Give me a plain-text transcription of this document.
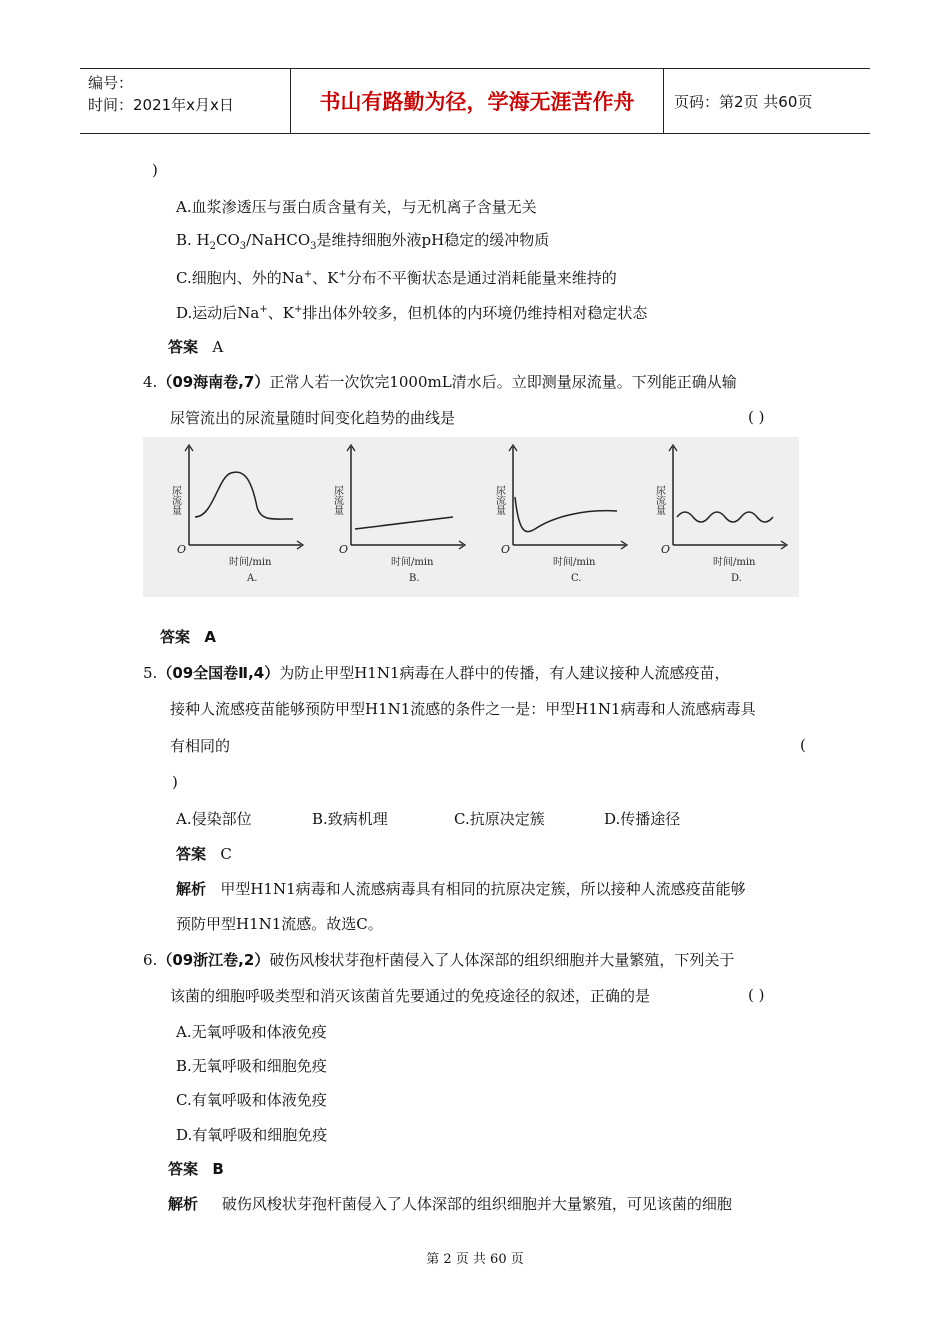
编号：
时间：2021年x月x日	书山有路勤为径，学海无涯苦作舟	页码：第2页 共60页
)
A.血浆渗透压与蛋白质含量有关，与无机离子含量无关
B. $H_2CO_3/NaHCO_3$是维持细胞外液pH稳定的缓冲物质
C.细胞内、外的Na+、K+分布不平衡状态是通过消耗能量来维持的
D.运动后Na+、K+排出体外较多，但机体的内环境仍维持相对稳定状态
答案 A
4.（09海南卷,7）正常人若一次饮完1000mL清水后。立即测量尿流量。下列能正确从输
尿管流出的尿流量随时间变化趋势的曲线是	( )
O
尿流量
时间/min
A.
O
尿流量
时间/min
B.
O
尿流量
时间/min
C.
O
尿流量
时间/min
D.
答案 A
5.（09全国卷Ⅱ,4）为防止甲型H1N1病毒在人群中的传播，有人建议接种人流感疫苗，
接种人流感疫苗能够预防甲型H1N1流感的条件之一是：甲型H1N1病毒和人流感病毒具
有相同的	(
)
A.侵染部位	B.致病机理	C.抗原决定簇	D.传播途径
答案 C
解析 甲型H1N1病毒和人流感病毒具有相同的抗原决定簇，所以接种人流感疫苗能够
预防甲型H1N1流感。故选C。
6.（09浙江卷,2）破伤风梭状芽孢杆菌侵入了人体深部的组织细胞并大量繁殖，下列关于
该菌的细胞呼吸类型和消灭该菌首先要通过的免疫途径的叙述，正确的是	( )
A.无氧呼吸和体液免疫
B.无氧呼吸和细胞免疫
C.有氧呼吸和体液免疫
D.有氧呼吸和细胞免疫
答案 B
解析 破伤风梭状芽孢杆菌侵入了人体深部的组织细胞并大量繁殖，可见该菌的细胞
第 2 页 共 60 页
